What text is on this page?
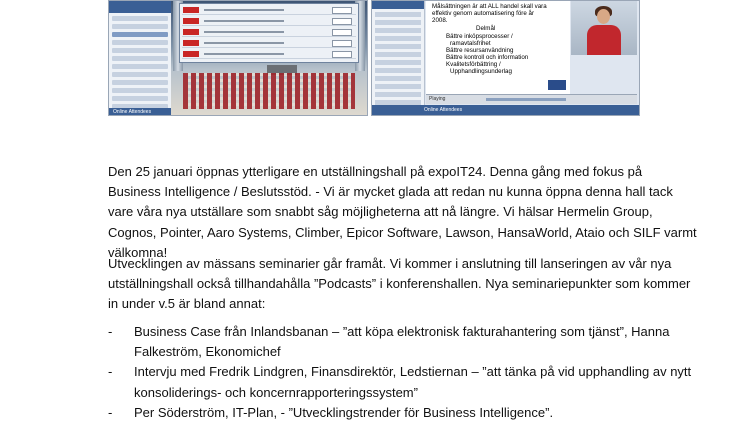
Online Attendees
Målsättningen är att ALL handel skall vara
effektiv genom automatisering före år
2008.
Delmål
Bättre inköpsprocesser /
ramavtalsfrihet
Bättre resursanvändning
Bättre kontroll och information
Kvalitetsförbättring /
Upphandlingsunderlag
Playing
Online Attendees

Den 25 januari öppnas ytterligare en utställningshall på expoIT24. Denna gång med fokus på Business Intelligence / Beslutsstöd. - Vi är mycket glada att redan nu kunna öppna denna hall tack vare våra nya utställare som snabbt såg möjligheterna att nå längre. Vi hälsar Hermelin Group, Cognos, Pointer, Aaro Systems, Climber, Epicor Software, Lawson, HansaWorld, Ataio och SILF varmt välkomna!

Utvecklingen av mässans seminarier går framåt. Vi kommer i anslutning till lanseringen av vår nya utställningshall också tillhandahålla ”Podcasts” i konferenshallen. Nya seminariepunkter som kommer in under v.5 är bland annat:

- Business Case från Inlandsbanan – ”att köpa elektronisk fakturahantering som tjänst”, Hanna Falkeström, Ekonomichef
- Intervju med Fredrik Lindgren, Finansdirektör, Ledstiernan – ”att tänka på vid upphandling av nytt konsoliderings- och koncernrapporteringssystem”
- Per Söderström, IT-Plan, - ”Utvecklingstrender för Business Intelligence”.
